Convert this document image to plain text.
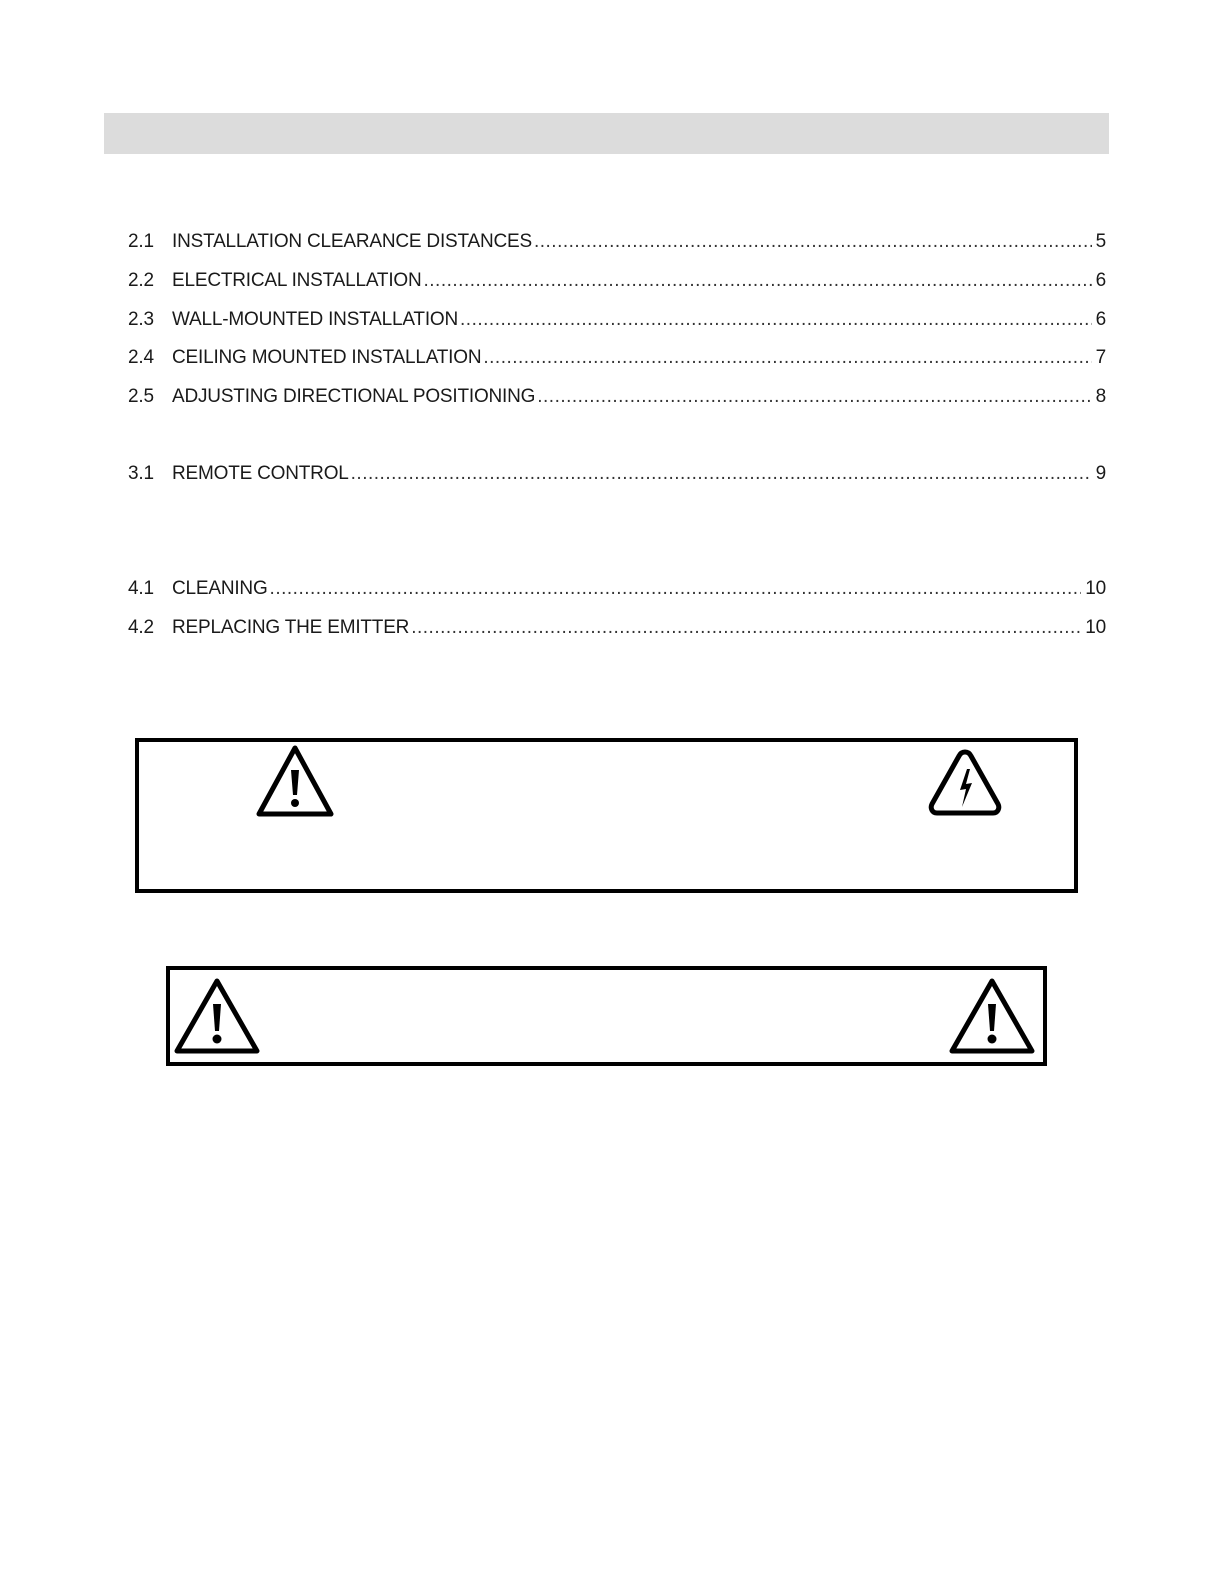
2.1 INSTALLATION CLEARANCE DISTANCES .....	5
2.2 ELECTRICAL INSTALLATION .....	6
2.3 WALL-MOUNTED INSTALLATION .....	6
2.4 CEILING MOUNTED INSTALLATION .....	7
2.5 ADJUSTING DIRECTIONAL POSITIONING .....	8
3.1 REMOTE CONTROL .....	9
4.1 CLEANING .....	10
4.2 REPLACING THE EMITTER .....	10
